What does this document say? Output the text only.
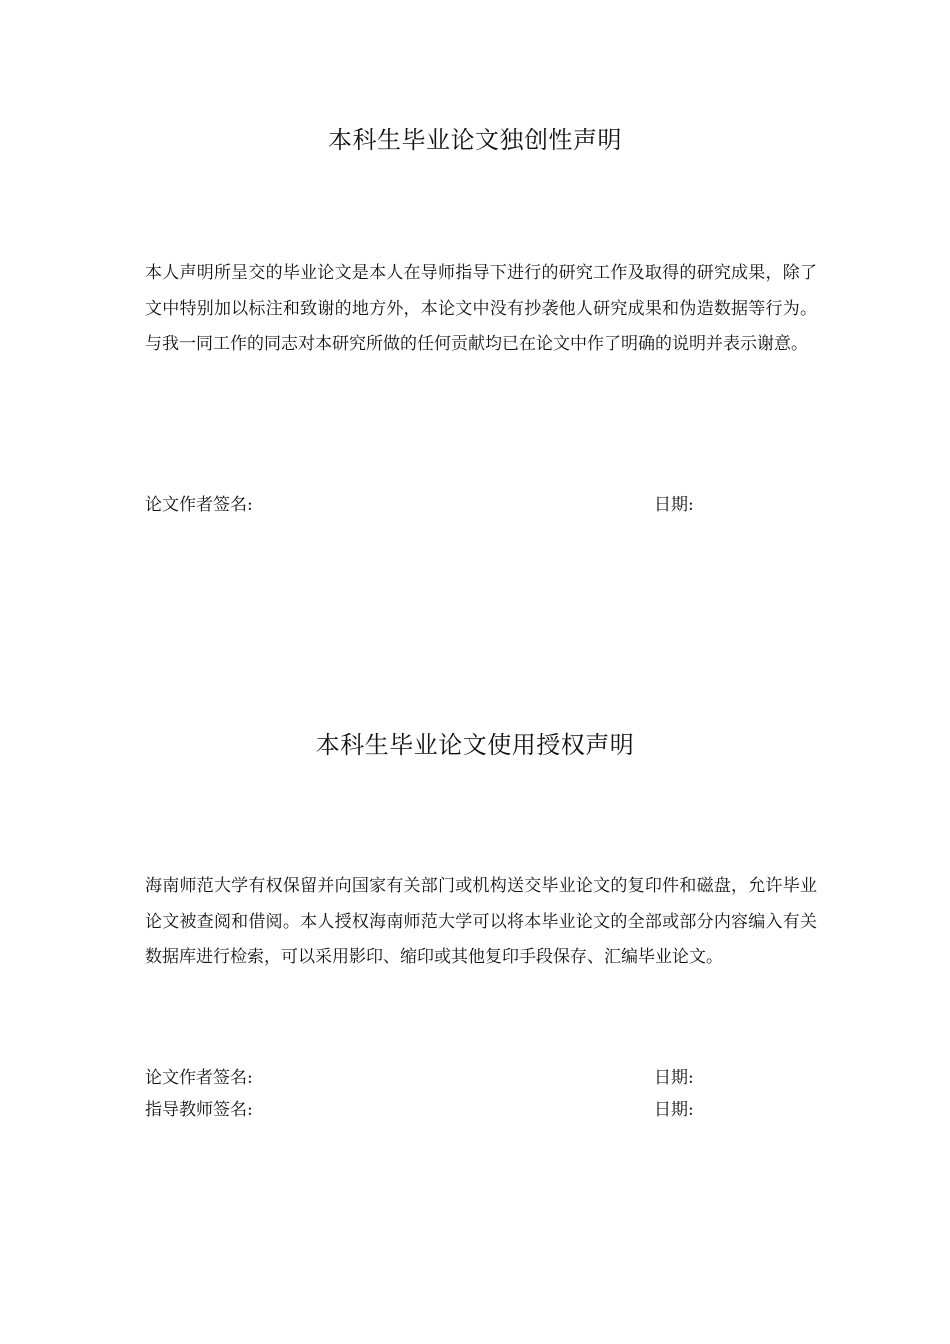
本科生毕业论文独创性声明

本人声明所呈交的毕业论文是本人在导师指导下进行的研究工作及取得的研究成果，除了文中特别加以标注和致谢的地方外，本论文中没有抄袭他人研究成果和伪造数据等行为。与我一同工作的同志对本研究所做的任何贡献均已在论文中作了明确的说明并表示谢意。

论文作者签名:	日期:
本科生毕业论文使用授权声明

海南师范大学有权保留并向国家有关部门或机构送交毕业论文的复印件和磁盘，允许毕业论文被查阅和借阅。本人授权海南师范大学可以将本毕业论文的全部或部分内容编入有关数据库进行检索，可以采用影印、缩印或其他复印手段保存、汇编毕业论文。

论文作者签名:	日期:
指导教师签名:	日期:
